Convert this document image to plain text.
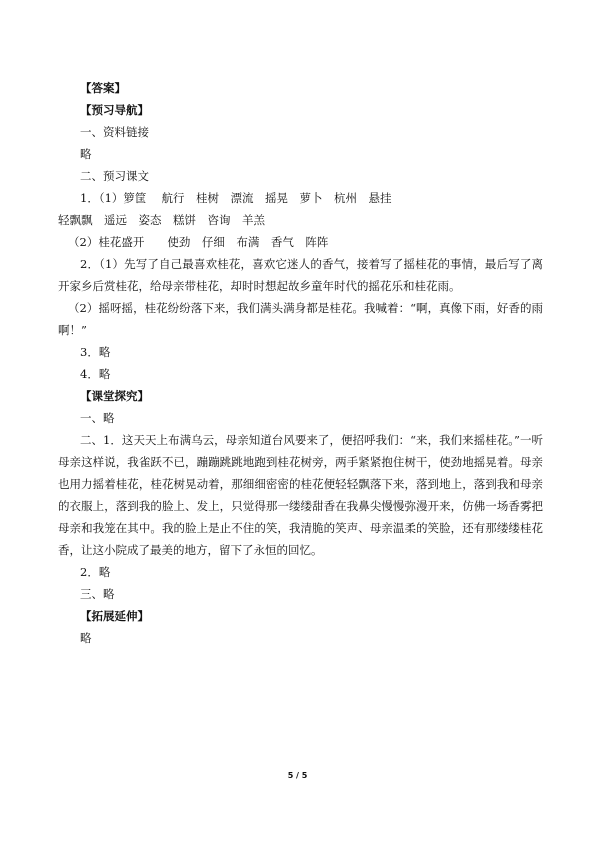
【答案】
【预习导航】
一、资料链接
略
二、预习课文
1．（1）箩筐　 航行　桂树　漂流　摇晃　萝卜　杭州　悬挂
轻飘飘　遥远　姿态　糕饼　咨询　羊羔
（2）桂花盛开　　使劲　仔细　布满　香气　阵阵
2．（1）先写了自己最喜欢桂花，喜欢它迷人的香气，接着写了摇桂花的事情，最后写了离开家乡后赏桂花，给母亲带桂花，却时时想起故乡童年时代的摇花乐和桂花雨。
（2）摇呀摇，桂花纷纷落下来，我们满头满身都是桂花。我喊着：“啊，真像下雨，好香的雨啊！”
3．略
4．略
【课堂探究】
一、略
二、1．这天天上布满乌云，母亲知道台风要来了，便招呼我们：“来，我们来摇桂花。”一听母亲这样说，我雀跃不已，蹦蹦跳跳地跑到桂花树旁，两手紧紧抱住树干，使劲地摇晃着。母亲也用力摇着桂花，桂花树晃动着，那细细密密的桂花便轻轻飘落下来，落到地上，落到我和母亲的衣服上，落到我的脸上、发上，只觉得那一缕缕甜香在我鼻尖慢慢弥漫开来，仿佛一场香雾把母亲和我笼在其中。我的脸上是止不住的笑，我清脆的笑声、母亲温柔的笑脸，还有那缕缕桂花香，让这小院成了最美的地方，留下了永恒的回忆。
2．略
三、略
【拓展延伸】
略
5 / 5
